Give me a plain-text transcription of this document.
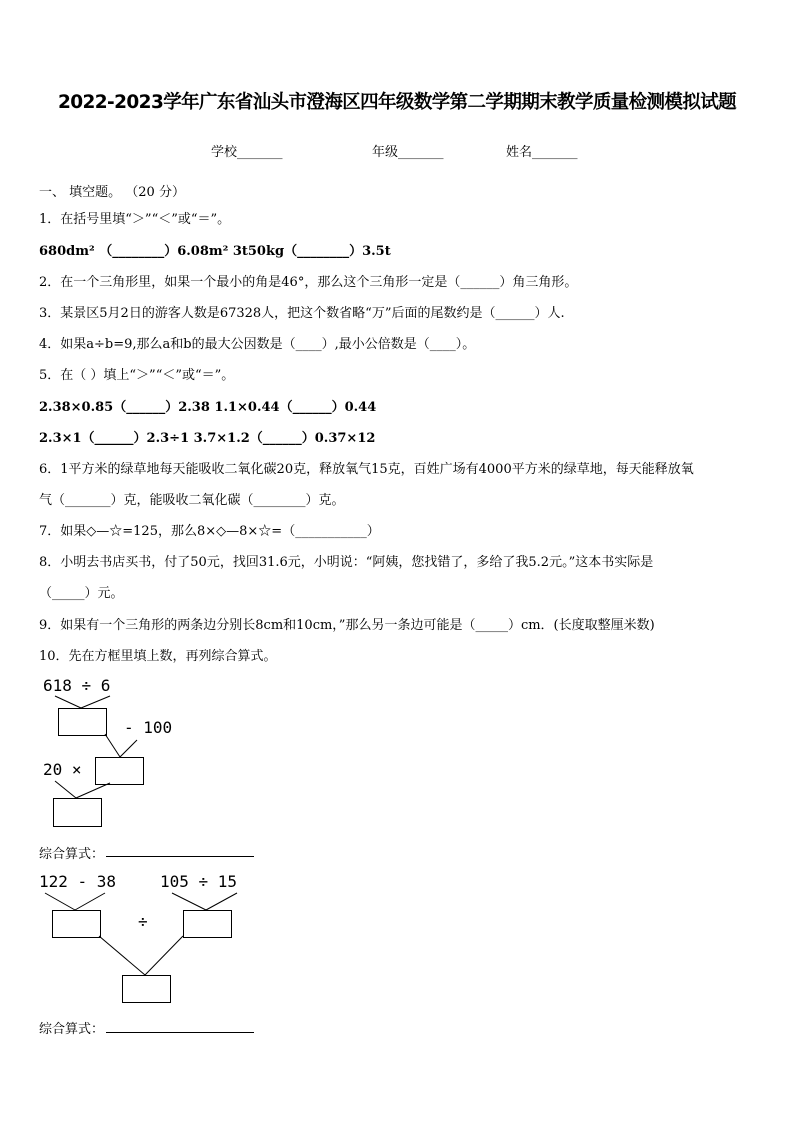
2022-2023学年广东省汕头市澄海区四年级数学第二学期期末教学质量检测模拟试题
学校_______	年级_______	姓名_______
一、 填空题。 （20 分）
1．在括号里填“＞”“＜”或“＝”。
680dm² （________）6.08m² 3t50kg（________）3.5t
2．在一个三角形里，如果一个最小的角是46°，那么这个三角形一定是（______）角三角形。
3．某景区5月2日的游客人数是67328人，把这个数省略“万”后面的尾数约是（______）人.
4．如果a÷b=9,那么a和b的最大公因数是（____）,最小公倍数是（____）。
5．在（ ）填上“＞”“＜”或“＝”。
2.38×0.85（______）2.38 1.1×0.44（______）0.44
2.3×1（______）2.3÷1 3.7×1.2（______）0.37×12
6．1平方米的绿草地每天能吸收二氧化碳20克，释放氧气15克，百姓广场有4000平方米的绿草地，每天能释放氧
气（_______）克，能吸收二氧化碳（________）克。
7．如果◇—☆=125，那么8×◇—8×☆=（___________）
8．小明去书店买书，付了50元，找回31.6元，小明说：“阿姨，您找错了，多给了我5.2元。”这本书实际是
（_____）元。
9．如果有一个三角形的两条边分别长8cm和10cm，”那么另一条边可能是（_____）cm．(长度取整厘米数)
10．先在方框里填上数，再列综合算式。
618 ÷ 6
- 100
20 ×
综合算式：
122 - 38	105 ÷ 15
÷
综合算式：
